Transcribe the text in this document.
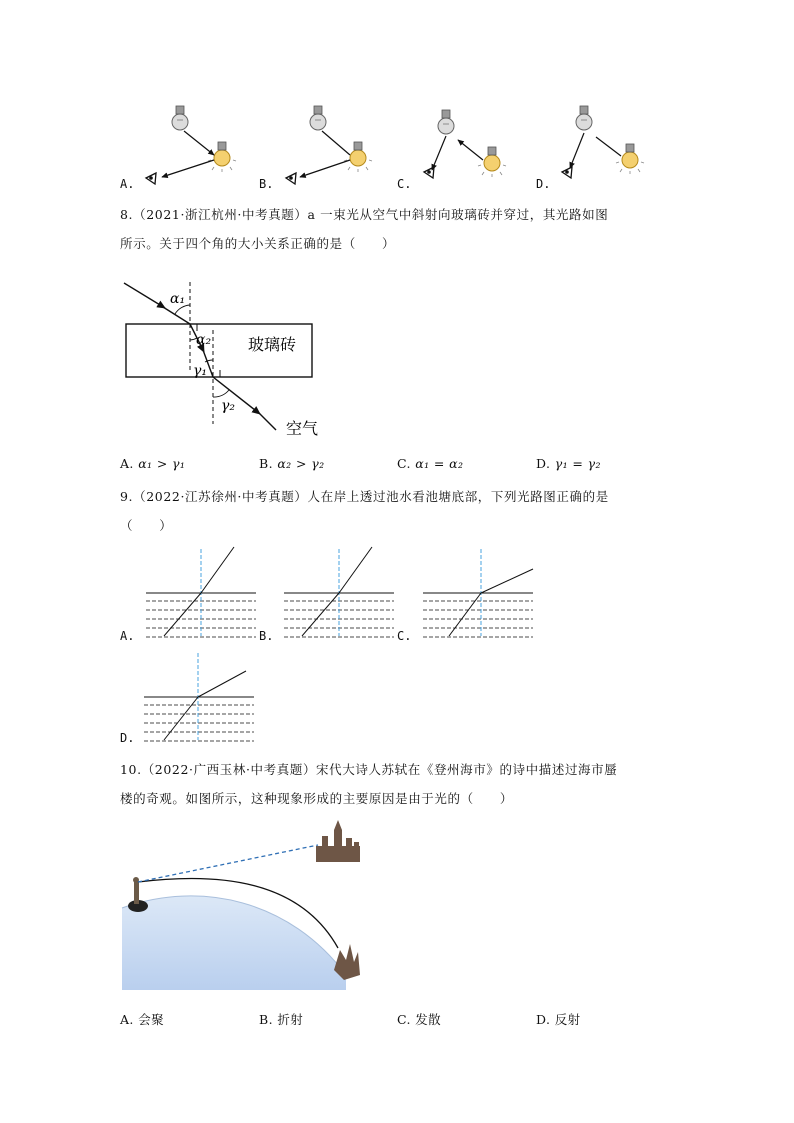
A.	B.	C.	D.
8.（2021·浙江杭州·中考真题）a 一束光从空气中斜射向玻璃砖并穿过，其光路如图
所示。关于四个角的大小关系正确的是（　　）
α₁
α₂
γ₁
γ₂
玻璃砖
空气
A. α₁ > γ₁	B. α₂ > γ₂	C. α₁ = α₂	D. γ₁ = γ₂
9.（2022·江苏徐州·中考真题）人在岸上透过池水看池塘底部，下列光路图正确的是
（　　）
A.	B.	C.
D.
10.（2022·广西玉林·中考真题）宋代大诗人苏轼在《登州海市》的诗中描述过海市蜃
楼的奇观。如图所示，这种现象形成的主要原因是由于光的（　　）
A. 会聚	B. 折射	C. 发散	D. 反射
